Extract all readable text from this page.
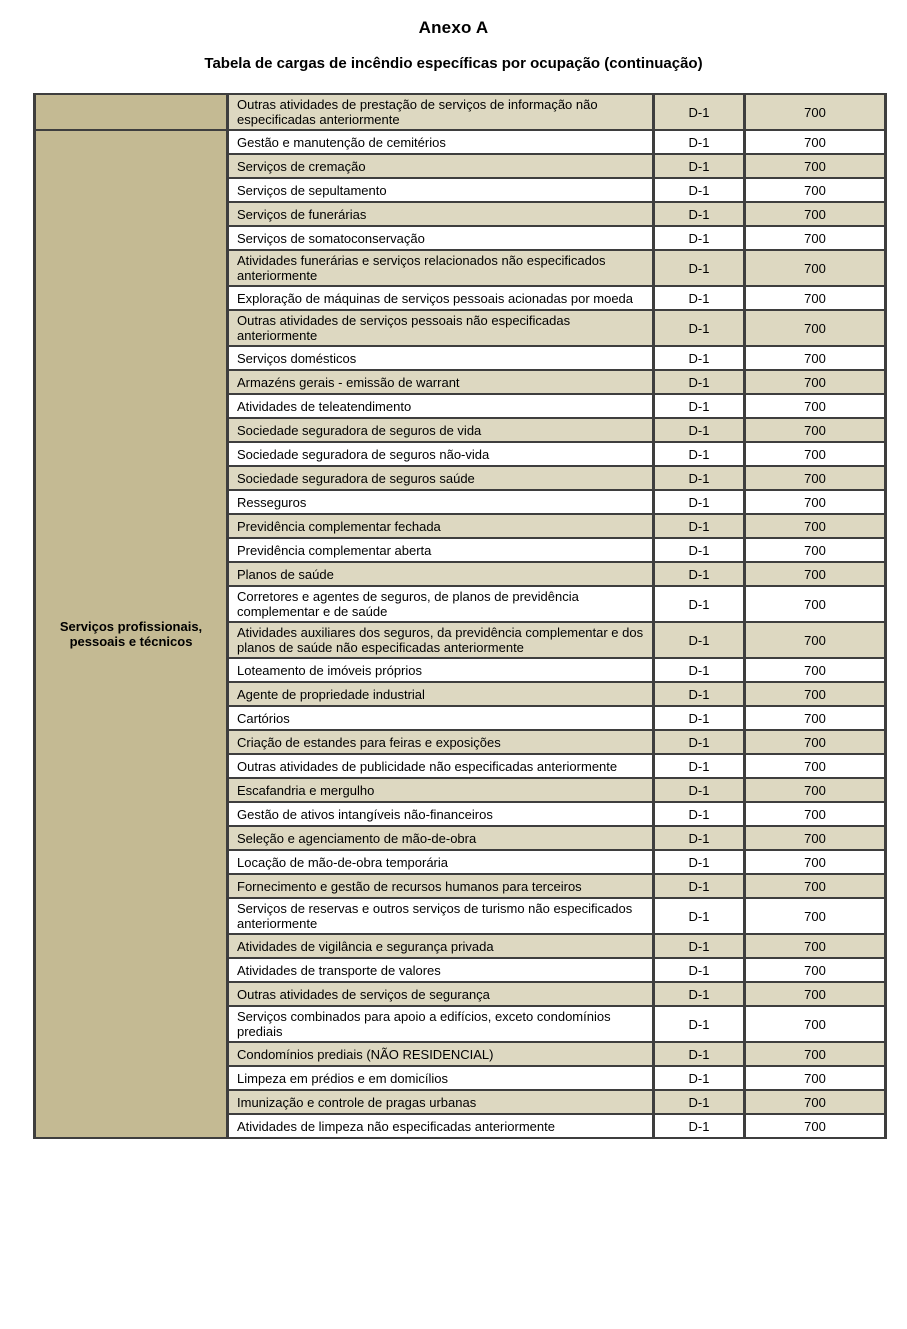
Anexo A
Tabela de cargas de incêndio específicas por ocupação (continuação)
	Outras atividades de prestação de serviços de informação não especificadas anteriormente	D-1	700
Serviços profissionais, pessoais e técnicos	Gestão e manutenção de cemitérios	D-1	700
	Serviços de cremação	D-1	700
	Serviços de sepultamento	D-1	700
	Serviços de funerárias	D-1	700
	Serviços de somatoconservação	D-1	700
	Atividades funerárias e serviços relacionados não especificados anteriormente	D-1	700
	Exploração de máquinas de serviços pessoais acionadas por moeda	D-1	700
	Outras atividades de serviços pessoais não especificadas anteriormente	D-1	700
	Serviços domésticos	D-1	700
	Armazéns gerais - emissão de warrant	D-1	700
	Atividades de teleatendimento	D-1	700
	Sociedade seguradora de seguros de vida	D-1	700
	Sociedade seguradora de seguros não-vida	D-1	700
	Sociedade seguradora de seguros saúde	D-1	700
	Resseguros	D-1	700
	Previdência complementar fechada	D-1	700
	Previdência complementar aberta	D-1	700
	Planos de saúde	D-1	700
	Corretores e agentes de seguros, de planos de previdência complementar e de saúde	D-1	700
	Atividades auxiliares dos seguros, da previdência complementar e dos planos de saúde não especificadas anteriormente	D-1	700
	Loteamento de imóveis próprios	D-1	700
	Agente de propriedade industrial	D-1	700
	Cartórios	D-1	700
	Criação de estandes para feiras e exposições	D-1	700
	Outras atividades de publicidade não especificadas anteriormente	D-1	700
	Escafandria e mergulho	D-1	700
	Gestão de ativos intangíveis não-financeiros	D-1	700
	Seleção e agenciamento de mão-de-obra	D-1	700
	Locação de mão-de-obra temporária	D-1	700
	Fornecimento e gestão de recursos humanos para terceiros	D-1	700
	Serviços de reservas e outros serviços de turismo não especificados anteriormente	D-1	700
	Atividades de vigilância e segurança privada	D-1	700
	Atividades de transporte de valores	D-1	700
	Outras atividades de serviços de segurança	D-1	700
	Serviços combinados para apoio a edifícios, exceto condomínios prediais	D-1	700
	Condomínios prediais (NÃO RESIDENCIAL)	D-1	700
	Limpeza em prédios e em domicílios	D-1	700
	Imunização e controle de pragas urbanas	D-1	700
	Atividades de limpeza não especificadas anteriormente	D-1	700
